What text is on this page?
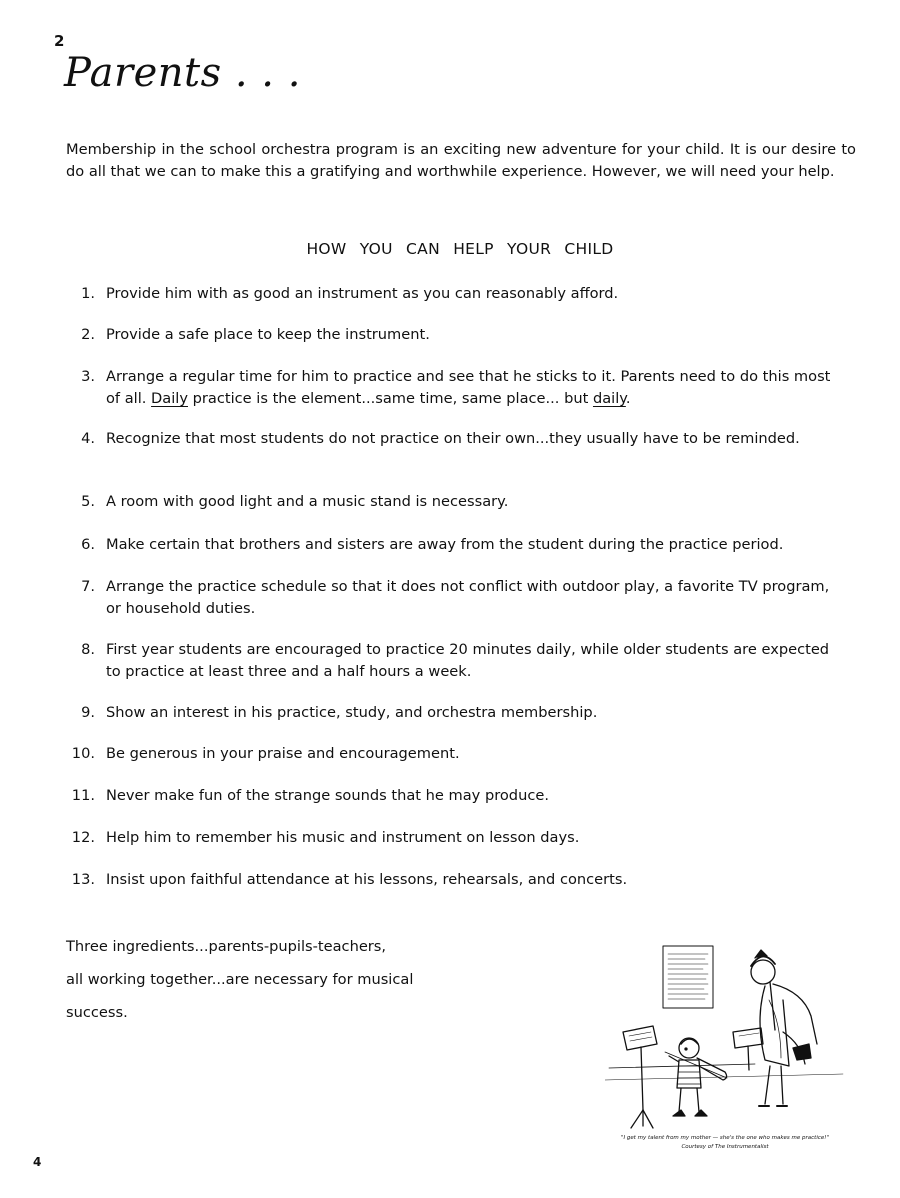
2
Parents . . .
Membership in the school orchestra program is an exciting new adventure for your child. It is our desire to do all that we can to make this a gratifying and worthwhile experience. However, we will need your help.
HOW YOU CAN HELP YOUR CHILD
1. Provide him with as good an instrument as you can reasonably afford.
2. Provide a safe place to keep the instrument.
3. Arrange a regular time for him to practice and see that he sticks to it. Parents need to do this most of all. Daily practice is the element...same time, same place... but daily.
4. Recognize that most students do not practice on their own...they usually have to be reminded.
5. A room with good light and a music stand is necessary.
6. Make certain that brothers and sisters are away from the student during the practice period.
7. Arrange the practice schedule so that it does not conflict with outdoor play, a favorite TV program, or household duties.
8. First year students are encouraged to practice 20 minutes daily, while older students are expected to practice at least three and a half hours a week.
9. Show an interest in his practice, study, and orchestra membership.
10. Be generous in your praise and encouragement.
11. Never make fun of the strange sounds that he may produce.
12. Help him to remember his music and instrument on lesson days.
13. Insist upon faithful attendance at his lessons, rehearsals, and concerts.
Three ingredients...parents-pupils-teachers,
all working together...are necessary for musical
success.
"I get my talent from my mother — she's the one who makes me practice!"
Courtesy of The Instrumentalist
4
